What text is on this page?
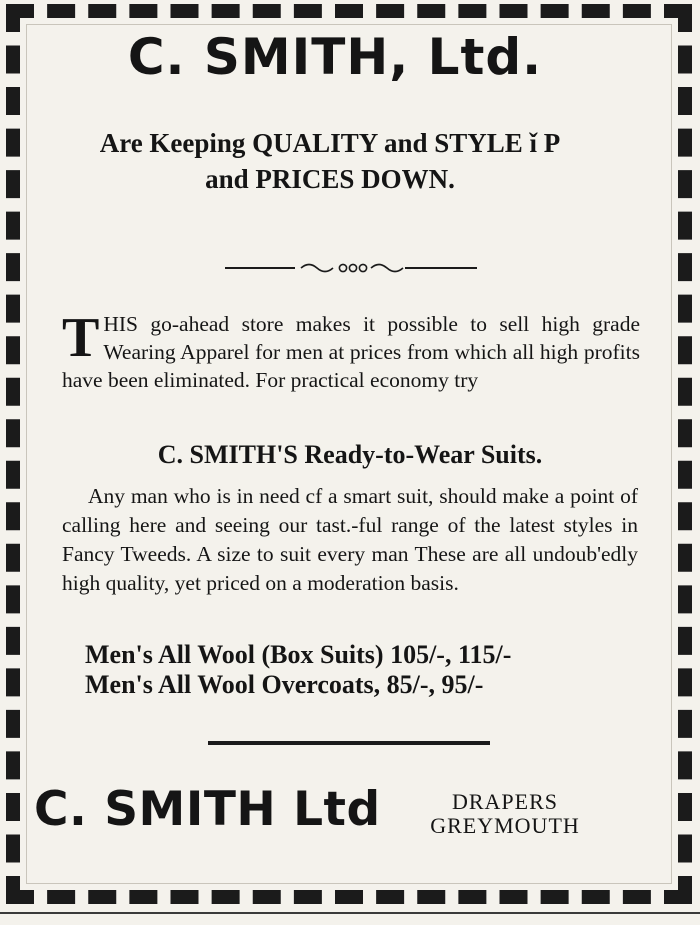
C. SMITH, Ltd.
Are Keeping QUALITY and STYLE ǐ P
and PRICES DOWN.

THIS go-ahead store makes it possible to sell high grade Wearing Apparel for men at prices from which all high profits have been eliminated. For practical economy try

C. SMITH'S Ready-to-Wear Suits.

Any man who is in need cf a smart suit, should make a point of calling here and seeing our tast.-ful range of the latest styles in Fancy Tweeds. A size to suit every man These are all undoub'edly high quality, yet priced on a moderation basis.

Men's All Wool (Box Suits) 105/-, 115/-
Men's All Wool Overcoats, 85/-, 95/-
C. SMITH Ltd	DRAPERS
GREYMOUTH
